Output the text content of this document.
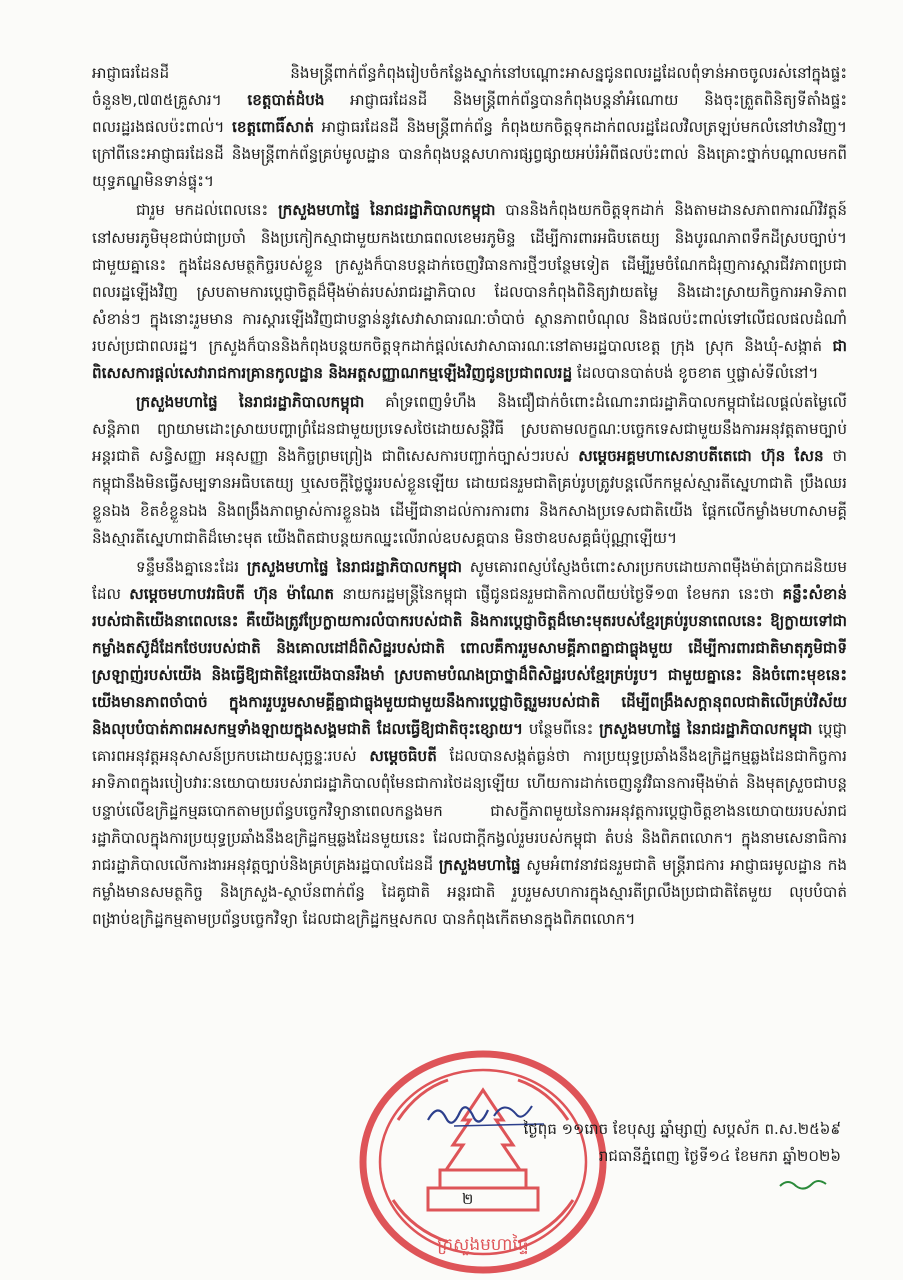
អាជ្ញាធរដែនដី និងមន្ត្រីពាក់ព័ន្ធកំពុងរៀបចំកន្លែងស្នាក់នៅបណ្ដោះអាសន្នជូនពលរដ្ឋដែលពុំទាន់អាចចូលរស់នៅក្នុងផ្ទះចំនួន២,៧៣៥គ្រួសារ។ ខេត្តបាត់ដំបង អាជ្ញាធរដែនដី និងមន្ត្រីពាក់ព័ន្ធបានកំពុងបន្តនាំអំណោយ និងចុះត្រួតពិនិត្យទីតាំងផ្ទះពលរដ្ឋរងផលប៉ះពាល់។ ខេត្តពោធិ៍សាត់ អាជ្ញាធរដែនដី និងមន្ត្រីពាក់ព័ន្ធ កំពុងយកចិត្តទុកដាក់ពលរដ្ឋដែលវិលត្រឡប់មកលំនៅឋានវិញ។ ក្រៅពីនេះអាជ្ញាធរដែនដី និងមន្ត្រីពាក់ព័ន្ធគ្រប់មូលដ្ឋាន បានកំពុងបន្តសហការផ្សព្វផ្សាយអប់រំអំពីផលប៉ះពាល់ និងគ្រោះថ្នាក់បណ្ដាលមកពីយុទ្ធភណ្ឌមិនទាន់ផ្ទុះ។

ជារួម មកដល់ពេលនេះ ក្រសួងមហាផ្ទៃ នៃរាជរដ្ឋាភិបាលកម្ពុជា បាននិងកំពុងយកចិត្តទុកដាក់ និងតាមដានសភាពការណ៍វិវត្តន៍នៅសមរភូមិមុខជាប់ជាប្រចាំ និងប្រកៀកស្មាជាមួយកងយោធពលខេមរភូមិន្ទ ដើម្បីការពារអធិបតេយ្យ និងបូរណភាពទឹកដីស្របច្បាប់។ ជាមួយគ្នានេះ ក្នុងដែនសមត្ថកិច្ចរបស់ខ្លួន ក្រសួងក៏បានបន្តដាក់ចេញវិធានការថ្មីៗបន្ថែមទៀត ដើម្បីរួមចំណែកជំរុញការស្ដារជីវភាពប្រជាពលរដ្ឋឡើងវិញ ស្របតាមការប្ដេជ្ញាចិត្តដ៏មុឺងម៉ាត់របស់រាជរដ្ឋាភិបាល ដែលបានកំពុងពិនិត្យវាយតម្លៃ និងដោះស្រាយកិច្ចការអាទិភាពសំខាន់ៗ ក្នុងនោះរួមមាន ការស្ដារឡើងវិញជាបន្ទាន់នូវសេវាសាធារណៈចាំបាច់ ស្ថានភាពបំណុល និងផលប៉ះពាល់ទៅលើជលផលដំណាំរបស់ប្រជាពលរដ្ឋ។ ក្រសួងក៏បាននិងកំពុងបន្តយកចិត្តទុកដាក់ផ្ដល់សេវាសាធារណៈនៅតាមរដ្ឋបាលខេត្ត ក្រុង ស្រុក និងឃុំ-សង្កាត់ ជាពិសេសការផ្ដល់សេវារាជការគ្រានកូលដ្ឋាន និងអត្តសញ្ញាណកម្មឡើងវិញជូនប្រជាពលរដ្ឋ ដែលបានបាត់បង់ ខូចខាត ឬផ្លាស់ទីលំនៅ។

ក្រសួងមហាផ្ទៃ នៃរាជរដ្ឋាភិបាលកម្ពុជា គាំទ្រពេញទំហឹង និងជឿជាក់ចំពោះដំណោះរាជរដ្ឋាភិបាលកម្ពុជាដែលផ្ដល់តម្លៃលើសន្តិភាព ព្យាយាមដោះស្រាយបញ្ហាព្រំដែនជាមួយប្រទេសថៃដោយសន្តិវិធី ស្របតាមលក្ខណៈបច្ចេកទេសជាមួយនឹងការអនុវត្តតាមច្បាប់អន្តរជាតិ សន្ធិសញ្ញា អនុសញ្ញា និងកិច្ចព្រមព្រៀង ជាពិសេសការបញ្ជាក់ច្បាស់ៗរបស់ សម្ដេចអគ្គមហាសេនាបតីតេជោ ហ៊ុន សែន ថា កម្ពុជានឹងមិនធ្វើសម្បទានអធិបតេយ្យ ឬសេចក្ដីថ្លៃថ្នូររបស់ខ្លួនឡើយ ដោយជនរួមជាតិគ្រប់រូបត្រូវបន្តលើកកម្ពស់ស្មារតីស្នេហាជាតិ ប្រឹងឈរខ្លួនឯង ខិតខំខ្លួនឯង និងពង្រឹងភាពម្ចាស់ការខ្លួនឯង ដើម្បីជានាដល់ការការពារ និងកសាងប្រទេសជាតិយើង ផ្ដែកលើកម្លាំងមហាសាមគ្គី និងស្មារតីស្នេហាជាតិដ៏មោះមុត យើងពិតជាបន្តយកឈ្នះលើរាល់ឧបសគ្គបាន មិនថាឧបសគ្គធំប៉ុណ្ណាឡើយ។

ទន្ទឹមនឹងគ្នានេះដែរ ក្រសួងមហាផ្ទៃ នៃរាជរដ្ឋាភិបាលកម្ពុជា សូមគោរពស្ញប់ស្ញែងចំពោះសារប្រកបដោយភាពម៉ឺងម៉ាត់ប្រាកដនិយមដែល សម្ដេចមហាបវរធិបតី ហ៊ុន ម៉ាណែត នាយករដ្ឋមន្ត្រីនៃកម្ពុជា ផ្ញើជូនជនរួមជាតិកាលពីយប់ថ្ងៃទី១៣ ខែមករា នេះថា គន្លឹះសំខាន់របស់ជាតិយើងនាពេលនេះ គឺយើងត្រូវប្រែក្លាយការលំបាករបស់ជាតិ និងការប្ដេជ្ញាចិត្តដ៏មោះមុតរបស់ខ្មែរគ្រប់រូបនាពេលនេះ ឱ្យក្លាយទៅជាកម្លាំងតស៊ូដ៏ដែកថែបរបស់ជាតិ និងគោលដៅដ៏ពិសិដ្ឋរបស់ជាតិ ពោលគឺការរួមសាមគ្គីភាពគ្នាជាធ្លុងមួយ ដើម្បីការពារជាតិមាតុភូមិជាទីស្រឡាញ់របស់យើង និងធ្វើឱ្យជាតិខ្មែរយើងបានរឹងមាំ ស្របតាមបំណងប្រាថ្នាដ៏ពិសិដ្ឋរបស់ខ្មែរគ្រប់រូប។ ជាមួយគ្នានេះ និងចំពោះមុខនេះ យើងមានភាពចាំបាច់ ក្នុងការរួបរួមសាមគ្គីគ្នាជាធ្លុងមួយជាមួយនឹងការប្ដេជ្ញាចិត្តរួមរបស់ជាតិ ដើម្បីពង្រឹងសក្ដានុពលជាតិលើគ្រប់វិស័យ និងលុបបំបាត់ភាពអសកម្មទាំងឡាយក្នុងសង្គមជាតិ ដែលធ្វើឱ្យជាតិចុះខ្សោយ។ បន្ថែមពីនេះ ក្រសួងមហាផ្ទៃ នៃរាជរដ្ឋាភិបាលកម្ពុជា ប្ដេជ្ញាគោរពអនុវត្តអនុសាសន៍ប្រកបដោយសុច្ឆន្ទៈរបស់ សម្ដេចធិបតី ដែលបានសង្កត់ធ្ងន់ថា ការប្រយុទ្ធប្រឆាំងនឹងឧក្រិដ្ឋកម្មឆ្លងដែនជាកិច្ចការអាទិភាពក្នុងរបៀបវារៈនយោបាយរបស់រាជរដ្ឋាភិបាលពុំមែនជាការថៃដន្យឡើយ ហើយការដាក់ចេញនូវវិធានការម៉ឺងម៉ាត់ និងមុតស្រួចជាបន្តបន្ទាប់លើឧក្រិដ្ឋកម្មឆបោកតាមប្រព័ន្ធបច្ចេកវិទ្យានាពេលកន្លងមក ជាសក្ខីភាពមួយនៃការអនុវត្តការប្ដេជ្ញាចិត្តខាងនយោបាយរបស់រាជរដ្ឋាភិបាលក្នុងការប្រយុទ្ធប្រឆាំងនឹងឧក្រិដ្ឋកម្មឆ្លងដែនមួយនេះ ដែលជាក្ដីកង្វល់រួមរបស់កម្ពុជា តំបន់ និងពិភពលោក។ ក្នុងនាមសេនាធិការរាជរដ្ឋាភិបាលលើការងារអនុវត្តច្បាប់និងគ្រប់គ្រងរដ្ឋបាលដែនដី ក្រសួងមហាផ្ទៃ សូមអំពាវនាវជនរួមជាតិ មន្ត្រីរាជការ អាជ្ញាធរមូលដ្ឋាន កងកម្លាំងមានសមត្ថកិច្ច និងក្រសួង-ស្ថាប័នពាក់ព័ន្ធ ដៃគូជាតិ អន្តរជាតិ រួបរួមសហការក្នុងស្មារតីព្រលឹងប្រជាជាតិតែមួយ លុបបំបាត់ពង្រាប់ឧក្រិដ្ឋកម្មតាមប្រព័ន្ធបច្ចេកវិទ្យា ដែលជាឧក្រិដ្ឋកម្មសកល បានកំពុងកើតមានក្នុងពិភពលោក។

ក្រសួងមហាផ្ទៃ
ថ្ងៃពុធ ១១រោច ខែបុស្ស ឆ្នាំម្សាញ់ សប្តស័ក ព.ស.២៥៦៩
រាជធានីភ្នំពេញ ថ្ងៃទី១៤ ខែមករា ឆ្នាំ២០២៦
២
